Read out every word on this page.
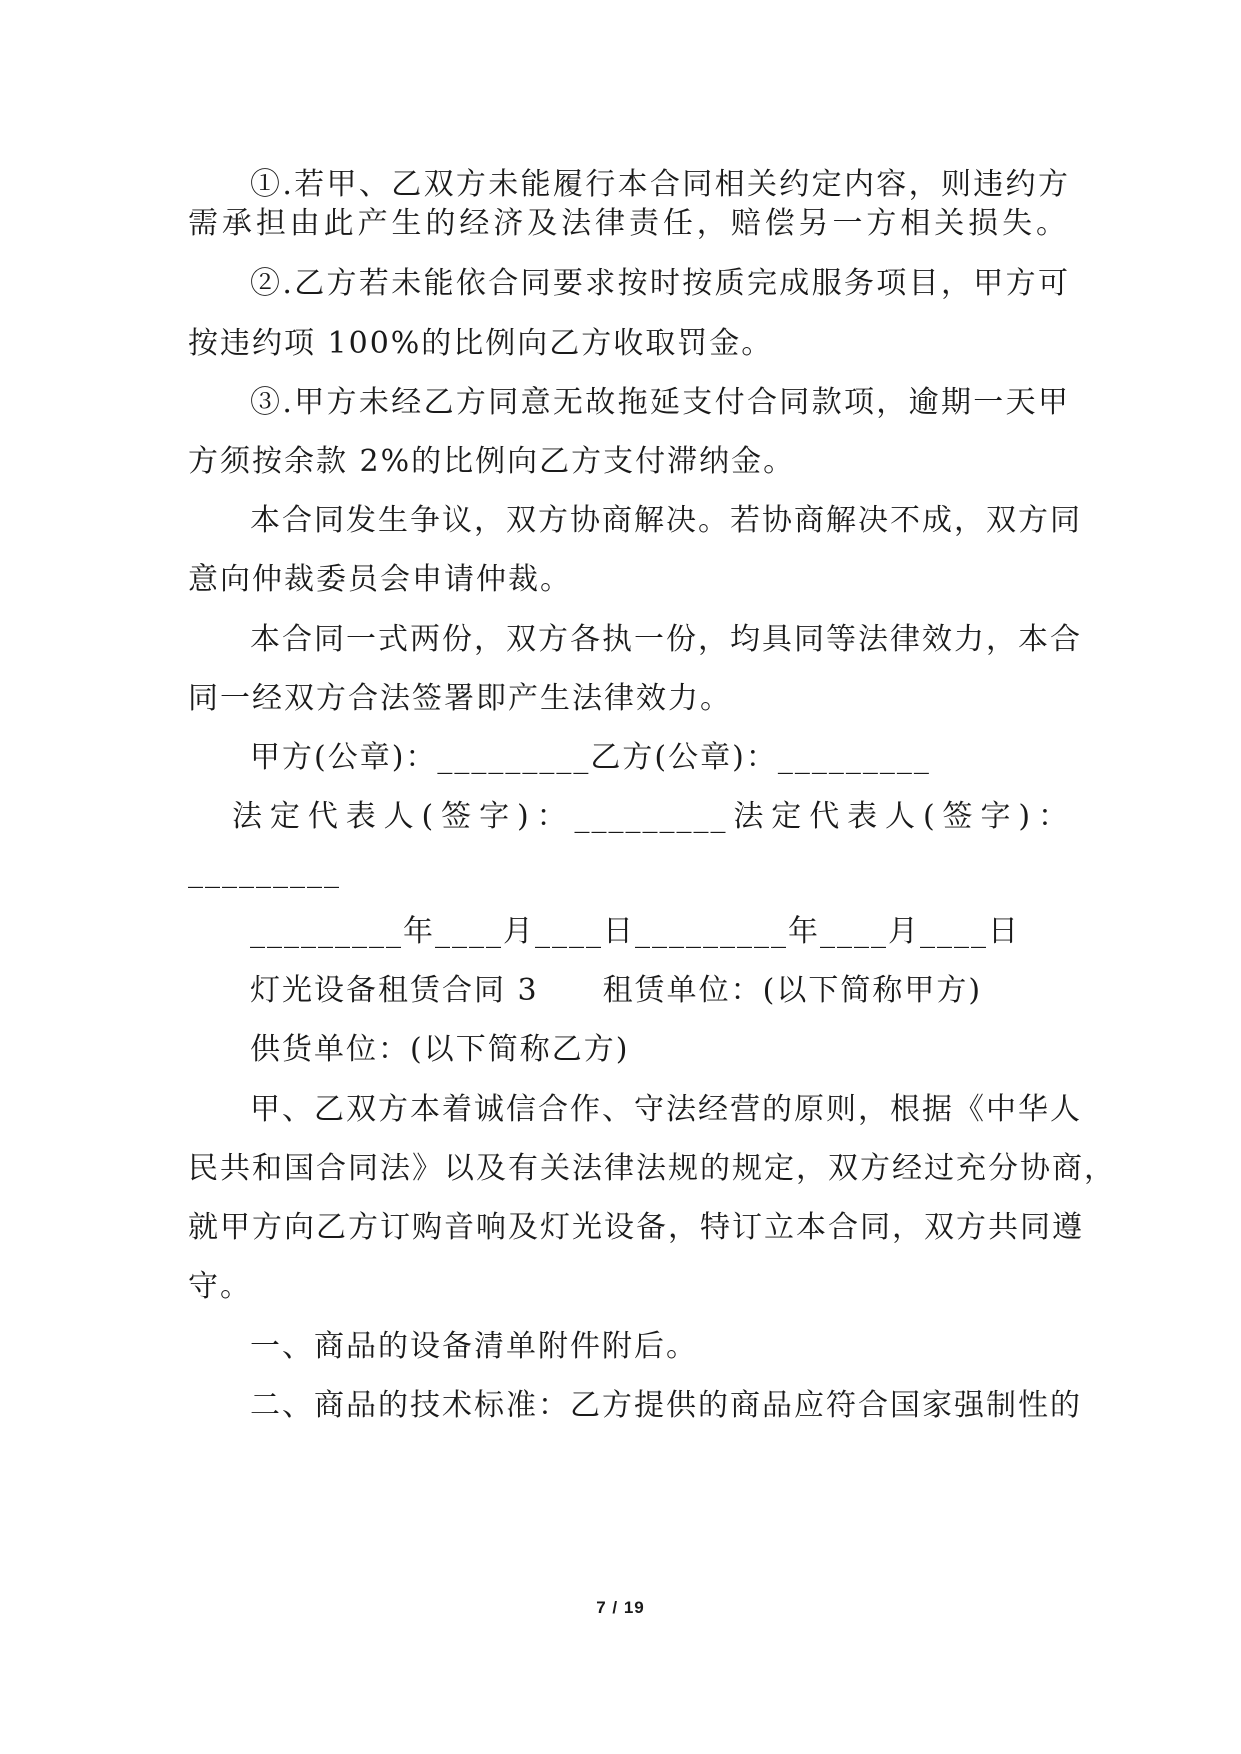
①.若甲、乙双方未能履行本合同相关约定内容，则违约方
需承担由此产生的经济及法律责任，赔偿另一方相关损失。
②.乙方若未能依合同要求按时按质完成服务项目，甲方可
按违约项 100%的比例向乙方收取罚金。
③.甲方未经乙方同意无故拖延支付合同款项，逾期一天甲
方须按余款 2%的比例向乙方支付滞纳金。
本合同发生争议，双方协商解决。若协商解决不成，双方同
意向仲裁委员会申请仲裁。
本合同一式两份，双方各执一份，均具同等法律效力，本合
同一经双方合法签署即产生法律效力。
甲方(公章)：_________乙方(公章)：_________
法定代表人(签字)：_________法定代表人(签字)：
_________
_________年____月____日_________年____月____日
灯光设备租赁合同 3　　租赁单位：(以下简称甲方)
供货单位：(以下简称乙方)
甲、乙双方本着诚信合作、守法经营的原则，根据《中华人
民共和国合同法》以及有关法律法规的规定，双方经过充分协商，
就甲方向乙方订购音响及灯光设备，特订立本合同，双方共同遵
守。
一、商品的设备清单附件附后。
二、商品的技术标准：乙方提供的商品应符合国家强制性的
7 / 19
